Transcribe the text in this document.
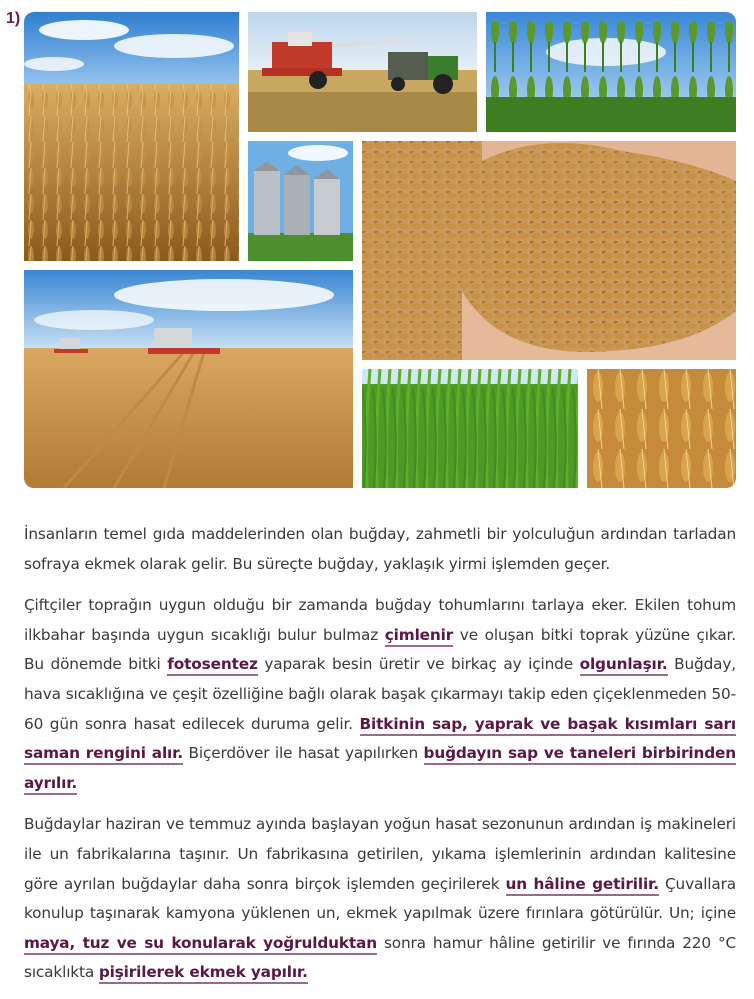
1)

İnsanların temel gıda maddelerinden olan buğday, zahmetli bir yolculuğun ardından tarladan sofraya ekmek olarak gelir. Bu süreçte buğday, yaklaşık yirmi işlemden geçer.

Çiftçiler toprağın uygun olduğu bir zamanda buğday tohumlarını tarlaya eker. Ekilen tohum ilkbahar başında uygun sıcaklığı bulur bulmaz çimlenir ve oluşan bitki toprak yüzüne çıkar. Bu dönemde bitki fotosentez yaparak besin üretir ve birkaç ay içinde olgunlaşır. Buğday, hava sıcaklığına ve çeşit özelliğine bağlı olarak başak çıkarmayı takip eden çiçeklenmeden 50-60 gün sonra hasat edilecek duruma gelir. Bitkinin sap, yaprak ve başak kısımları sarı saman rengini alır. Biçerdöver ile hasat yapılırken buğdayın sap ve taneleri birbirinden ayrılır.

Buğdaylar haziran ve temmuz ayında başlayan yoğun hasat sezonunun ardından iş makineleri ile un fabrikalarına taşınır. Un fabrikasına getirilen, yıkama işlemlerinin ardından kalitesine göre ayrılan buğdaylar daha sonra birçok işlemden geçirilerek un hâline getirilir. Çuvallara konulup taşınarak kamyona yüklenen un, ekmek yapılmak üzere fırınlara götürülür. Un; içine maya, tuz ve su konularak yoğrulduktan sonra hamur hâline getirilir ve fırında 220 °C sıcaklıkta pişirilerek ekmek yapılır.
